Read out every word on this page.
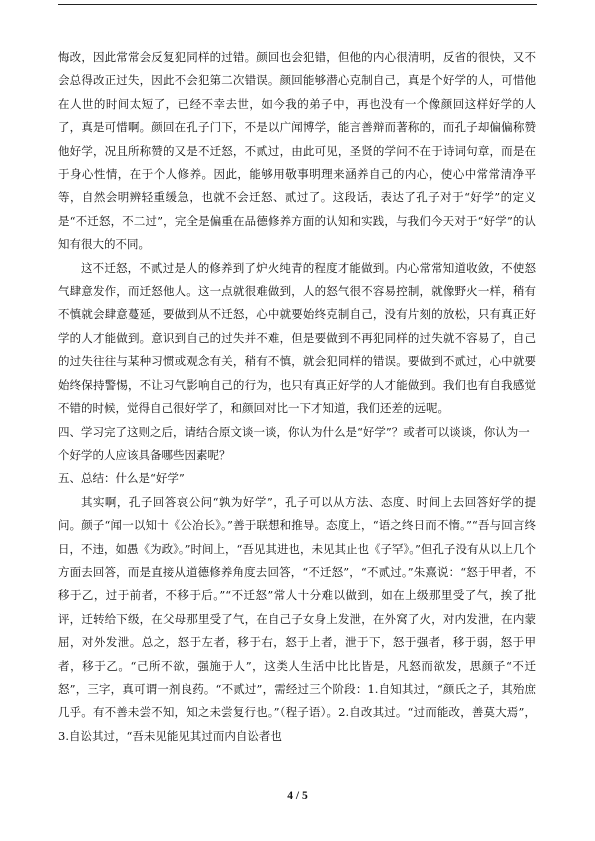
悔改，因此常常会反复犯同样的过错。颜回也会犯错，但他的内心很清明，反省的很快，又不会总得改正过失，因此不会犯第二次错误。颜回能够潜心克制自己，真是个好学的人，可惜他在人世的时间太短了，已经不幸去世，如今我的弟子中，再也没有一个像颜回这样好学的人了，真是可惜啊。颜回在孔子门下，不是以广闻博学，能言善辩而著称的，而孔子却偏偏称赞他好学，况且所称赞的又是不迁怒，不贰过，由此可见，圣贤的学问不在于诗词句章，而是在于身心性情，在于个人修养。因此，能够用敬事明理来涵养自己的内心，使心中常常清净平等，自然会明辨轻重缓急，也就不会迁怒、贰过了。这段话，表达了孔子对于“好学”的定义是“不迁怒，不二过”，完全是偏重在品德修养方面的认知和实践，与我们今天对于“好学”的认知有很大的不同。

这不迁怒，不贰过是人的修养到了炉火纯青的程度才能做到。内心常常知道收敛，不使怒气肆意发作，而迁怒他人。这一点就很难做到，人的怒气很不容易控制，就像野火一样，稍有不慎就会肆意蔓延，要做到从不迁怒，心中就要始终克制自己，没有片刻的放松，只有真正好学的人才能做到。意识到自己的过失并不难，但是要做到不再犯同样的过失就不容易了，自己的过失往往与某种习惯或观念有关，稍有不慎，就会犯同样的错误。要做到不贰过，心中就要始终保持警惕，不让习气影响自己的行为，也只有真正好学的人才能做到。我们也有自我感觉不错的时候，觉得自己很好学了，和颜回对比一下才知道，我们还差的远呢。

四、学习完了这则之后，请结合原文谈一谈，你认为什么是“好学”？或者可以谈谈，你认为一个好学的人应该具备哪些因素呢？

五、总结：什么是“好学”

其实啊，孔子回答哀公问“孰为好学”，孔子可以从方法、态度、时间上去回答好学的提问。颜子“闻一以知十《公冶长》。”善于联想和推导。态度上，“语之终日而不惰。”“吾与回言终日，不违，如愚《为政》。”时间上，“吾见其进也，未见其止也《子罕》。”但孔子没有从以上几个方面去回答，而是直接从道德修养角度去回答，“不迁怒”，“不贰过。”朱熹说：“怒于甲者，不移于乙，过于前者，不移于后。”“不迁怒”常人十分难以做到，如在上级那里受了气，挨了批评，迁转给下级，在父母那里受了气，在自己子女身上发泄，在外窝了火，对内发泄，在内蒙屈，对外发泄。总之，怒于左者，移于右，怒于上者，泄于下，怒于强者，移于弱，怒于甲者，移于乙。“己所不欲，强施于人”，这类人生活中比比皆是，凡怒而欲发，思颜子“不迁怒”，三字，真可谓一剂良药。“不贰过”，需经过三个阶段：1.自知其过，“颜氏之子，其殆庶几乎。有不善未尝不知，知之未尝复行也。”（程子语）。2.自改其过。“过而能改，善莫大焉”，3.自讼其过，“吾未见能见其过而内自讼者也

4 / 5
